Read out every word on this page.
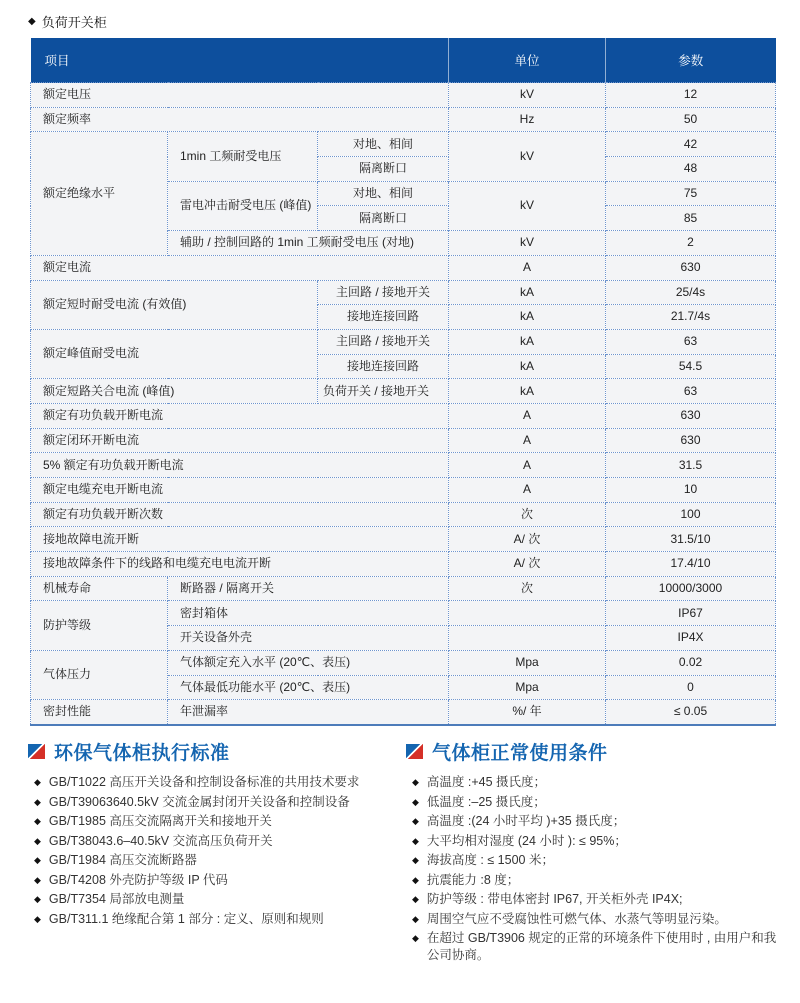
◆ 负荷开关柜
项目			单位	参数
额定电压			kV	12
额定频率			Hz	50
额定绝缘水平	1min 工频耐受电压	对地、相间	kV	42
		隔离断口		48
	雷电冲击耐受电压 (峰值)	对地、相间	kV	75
		隔离断口		85
	辅助 / 控制回路的 1min 工频耐受电压 (对地)		kV	2
额定电流			A	630
额定短时耐受电流 (有效值)		主回路 / 接地开关	kA	25/4s
		接地连接回路	kA	21.7/4s
额定峰值耐受电流		主回路 / 接地开关	kA	63
		接地连接回路	kA	54.5
额定短路关合电流 (峰值)		负荷开关 / 接地开关	kA	63
额定有功负载开断电流			A	630
额定闭环开断电流			A	630
5% 额定有功负载开断电流			A	31.5
额定电缆充电开断电流			A	10
额定有功负载开断次数			次	100
接地故障电流开断			A/ 次	31.5/10
接地故障条件下的线路和电缆充电电流开断			A/ 次	17.4/10
机械寿命	断路器 / 隔离开关		次	10000/3000
防护等级	密封箱体			IP67
	开关设备外壳			IP4X
气体压力	气体额定充入水平 (20℃、表压)		Mpa	0.02
	气体最低功能水平 (20℃、表压)		Mpa	0
密封性能	年泄漏率		%/ 年	≤ 0.05
环保气体柜执行标准
◆ GB/T1022 高压开关设备和控制设备标准的共用技术要求
◆ GB/T39063640.5kV 交流金属封闭开关设备和控制设备
◆ GB/T1985 高压交流隔离开关和接地开关
◆ GB/T38043.6–40.5kV 交流高压负荷开关
◆ GB/T1984 高压交流断路器
◆ GB/T4208 外壳防护等级 IP 代码
◆ GB/T7354 局部放电测量
◆ GB/T311.1 绝缘配合第 1 部分 : 定义、原则和规则
气体柜正常使用条件
◆ 高温度 :+45 摄氏度；
◆ 低温度 :–25 摄氏度；
◆ 高温度 :(24 小时平均 )+35 摄氏度；
◆ 大平均相对湿度 (24 小时 ): ≤ 95%；
◆ 海拔高度 : ≤ 1500 米；
◆ 抗震能力 :8 度；
◆ 防护等级 : 带电体密封 IP67, 开关柜外壳 IP4X;
◆ 周围空气应不受腐蚀性可燃气体、水蒸气等明显污染。
◆ 在超过 GB/T3906 规定的正常的环境条件下使用时 , 由用户和我公司协商。
